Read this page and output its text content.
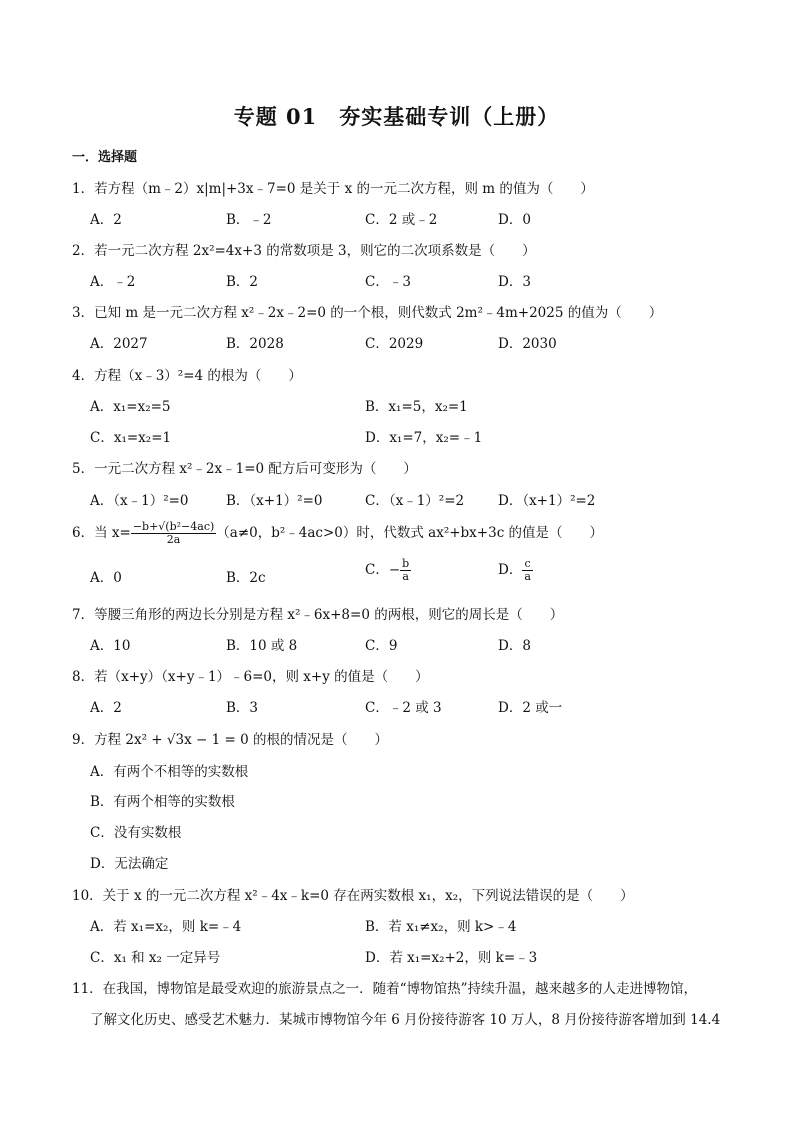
专题 01　夯实基础专训（上册）
一．选择题
1．若方程（m﹣2）x|m|+3x﹣7=0 是关于 x 的一元二次方程，则 m 的值为（　　）
A．2	B．﹣2	C．2 或﹣2	D．0
2．若一元二次方程 2x²=4x+3 的常数项是 3，则它的二次项系数是（　　）
A．﹣2	B．2	C．﹣3	D．3
3．已知 m 是一元二次方程 x²﹣2x﹣2=0 的一个根，则代数式 2m²﹣4m+2025 的值为（　　）
A．2027	B．2028	C．2029	D．2030
4．方程（x﹣3）²=4 的根为（　　）
A．x₁=x₂=5	B．x₁=5，x₂=1
C．x₁=x₂=1	D．x₁=7，x₂=﹣1
5．一元二次方程 x²﹣2x﹣1=0 配方后可变形为（　　）
A．（x﹣1）²=0	B．（x+1）²=0	C．（x﹣1）²=2	D．（x+1）²=2
6．当 $x= \frac{\text{−b+√(b²−4ac)}}{2a} (a\ne 0$，b²﹣4ac>0）时，代数式 ax²+bx+3c 的值是（　　）
A．0	B．2c	C．− $\frac{b}{a}$	D． $\frac{c}{a}$
7．等腰三角形的两边长分别是方程 x²﹣6x+8=0 的两根，则它的周长是（　　）
A．10	B．10 或 8	C．9	D．8
8．若（x+y）（x+y﹣1）﹣6=0，则 x+y 的值是（　　）
A．2	B．3	C．﹣2 或 3	D．2 或一
9．方程 2x² + √3x − 1 = 0 的根的情况是（　　）
A．有两个不相等的实数根
B．有两个相等的实数根
C．没有实数根
D．无法确定
10．关于 x 的一元二次方程 x²﹣4x﹣k=0 存在两实数根 x₁，x₂，下列说法错误的是（　　）
A．若 x₁=x₂，则 k=﹣4	B．若 x₁≠x₂，则 k>﹣4
C．x₁ 和 x₂ 一定异号	D．若 x₁=x₂+2，则 k=﹣3
11．在我国，博物馆是最受欢迎的旅游景点之一．随着“博物馆热”持续升温，越来越多的人走进博物馆，
了解文化历史、感受艺术魅力．某城市博物馆今年 6 月份接待游客 10 万人，8 月份接待游客增加到 14.4
